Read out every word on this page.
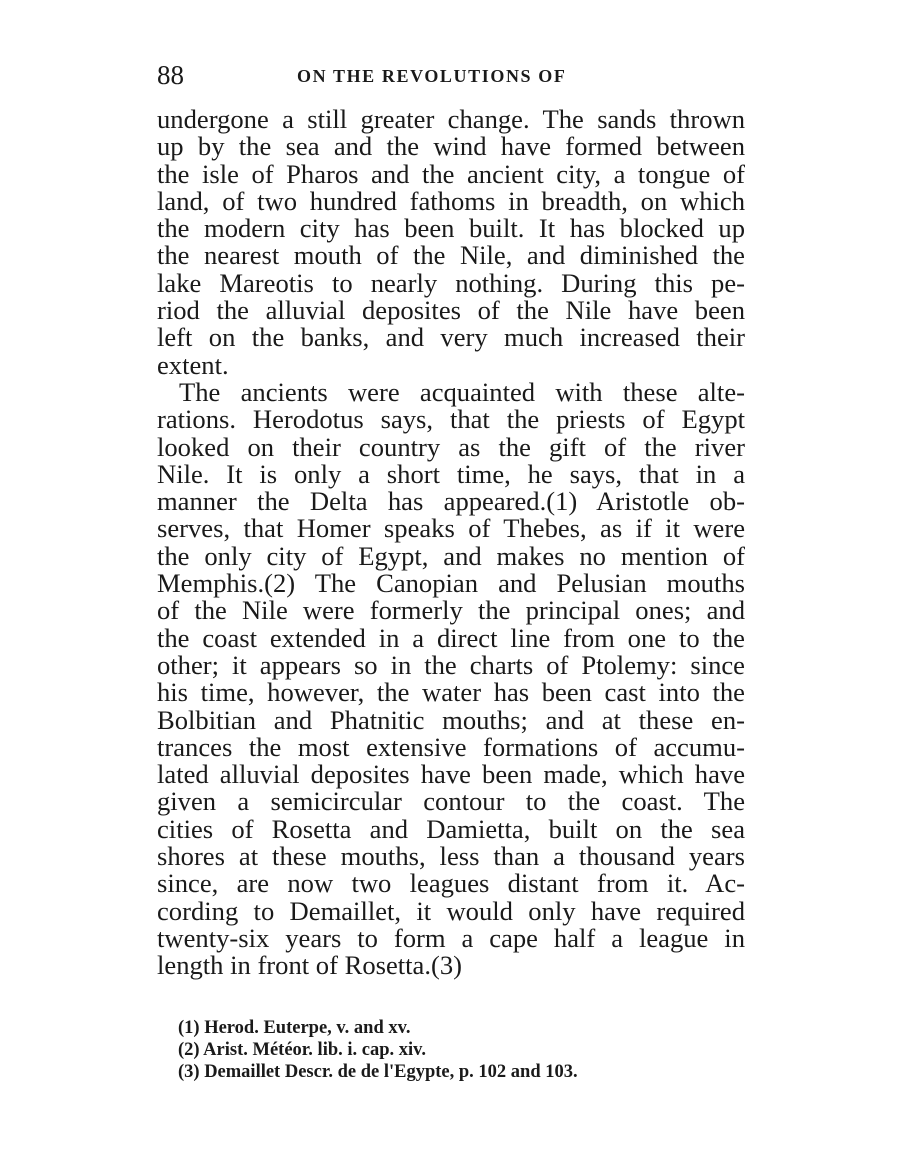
88	ON THE REVOLUTIONS OF
undergone a still greater change. The sands thrown
up by the sea and the wind have formed between
the isle of Pharos and the ancient city, a tongue of
land, of two hundred fathoms in breadth, on which
the modern city has been built. It has blocked up
the nearest mouth of the Nile, and diminished the
lake Mareotis to nearly nothing. During this pe-
riod the alluvial deposites of the Nile have been
left on the banks, and very much increased their
extent.
The ancients were acquainted with these alte-
rations. Herodotus says, that the priests of Egypt
looked on their country as the gift of the river
Nile. It is only a short time, he says, that in a
manner the Delta has appeared.(1) Aristotle ob-
serves, that Homer speaks of Thebes, as if it were
the only city of Egypt, and makes no mention of
Memphis.(2) The Canopian and Pelusian mouths
of the Nile were formerly the principal ones; and
the coast extended in a direct line from one to the
other; it appears so in the charts of Ptolemy: since
his time, however, the water has been cast into the
Bolbitian and Phatnitic mouths; and at these en-
trances the most extensive formations of accumu-
lated alluvial deposites have been made, which have
given a semicircular contour to the coast. The
cities of Rosetta and Damietta, built on the sea
shores at these mouths, less than a thousand years
since, are now two leagues distant from it. Ac-
cording to Demaillet, it would only have required
twenty-six years to form a cape half a league in
length in front of Rosetta.(3)
(1) Herod. Euterpe, v. and xv.
(2) Arist. Météor. lib. i. cap. xiv.
(3) Demaillet Descr. de de l'Egypte, p. 102 and 103.
